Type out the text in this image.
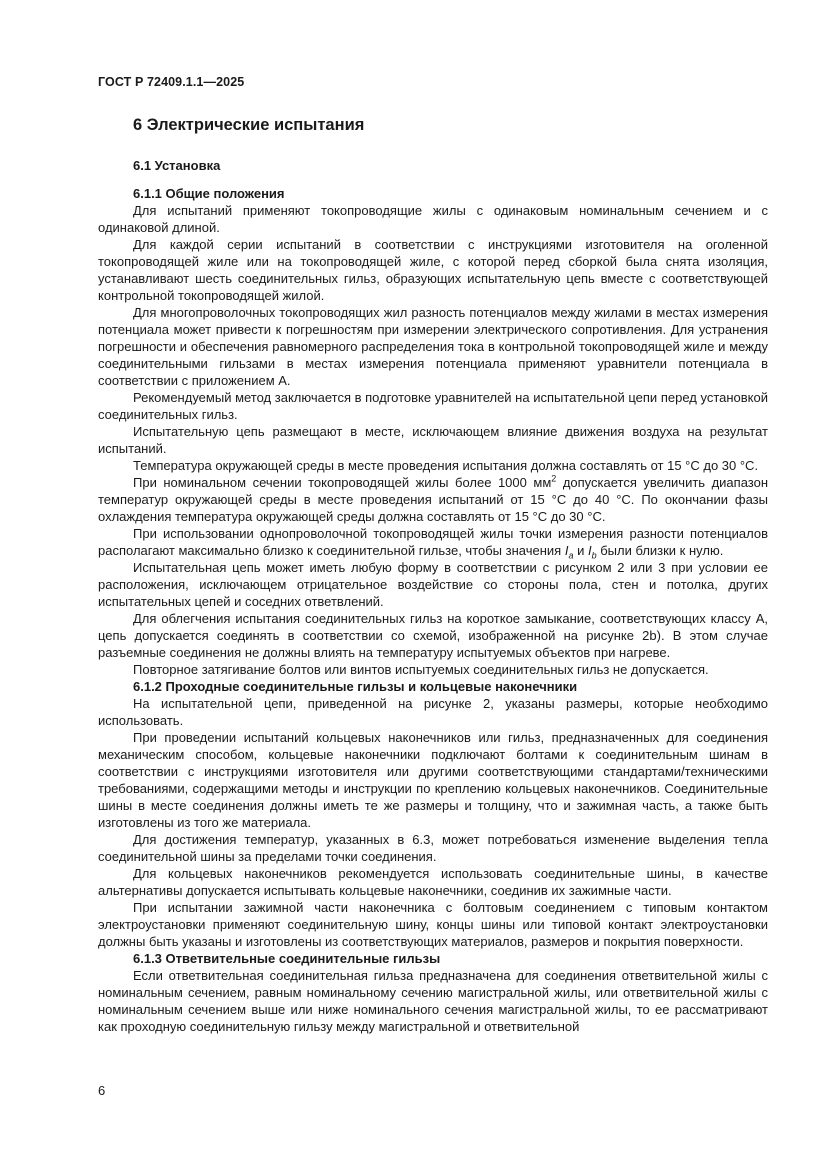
ГОСТ Р 72409.1.1—2025
6 Электрические испытания
6.1 Установка
6.1.1 Общие положения

Для испытаний применяют токопроводящие жилы с одинаковым номинальным сечением и с одинаковой длиной.

Для каждой серии испытаний в соответствии с инструкциями изготовителя на оголенной токопроводящей жиле или на токопроводящей жиле, с которой перед сборкой была снята изоляция, устанавливают шесть соединительных гильз, образующих испытательную цепь вместе с соответствующей контрольной токопроводящей жилой.

Для многопроволочных токопроводящих жил разность потенциалов между жилами в местах измерения потенциала может привести к погрешностям при измерении электрического сопротивления. Для устранения погрешности и обеспечения равномерного распределения тока в контрольной токопроводящей жиле и между соединительными гильзами в местах измерения потенциала применяют уравнители потенциала в соответствии с приложением А.

Рекомендуемый метод заключается в подготовке уравнителей на испытательной цепи перед установкой соединительных гильз.

Испытательную цепь размещают в месте, исключающем влияние движения воздуха на результат испытаний.

Температура окружающей среды в месте проведения испытания должна составлять от 15 °С до 30 °С.

При номинальном сечении токопроводящей жилы более 1000 $мм^2$ допускается увеличить диапазон температур окружающей среды в месте проведения испытаний от 15 °С до 40 °С. По окончании фазы охлаждения температура окружающей среды должна составлять от 15 °С до 30 °С.

При использовании однопроволочной токопроводящей жилы точки измерения разности потенциалов располагают максимально близко к соединительной гильзе, чтобы значения $I_a$ и $I_b$ были близки к нулю.

Испытательная цепь может иметь любую форму в соответствии с рисунком 2 или 3 при условии ее расположения, исключающем отрицательное воздействие со стороны пола, стен и потолка, других испытательных цепей и соседних ответвлений.

Для облегчения испытания соединительных гильз на короткое замыкание, соответствующих классу А, цепь допускается соединять в соответствии со схемой, изображенной на рисунке 2b). В этом случае разъемные соединения не должны влиять на температуру испытуемых объектов при нагреве.

Повторное затягивание болтов или винтов испытуемых соединительных гильз не допускается.

6.1.2 Проходные соединительные гильзы и кольцевые наконечники

На испытательной цепи, приведенной на рисунке 2, указаны размеры, которые необходимо использовать.

При проведении испытаний кольцевых наконечников или гильз, предназначенных для соединения механическим способом, кольцевые наконечники подключают болтами к соединительным шинам в соответствии с инструкциями изготовителя или другими соответствующими стандартами/техническими требованиями, содержащими методы и инструкции по креплению кольцевых наконечников. Соединительные шины в месте соединения должны иметь те же размеры и толщину, что и зажимная часть, а также быть изготовлены из того же материала.

Для достижения температур, указанных в 6.3, может потребоваться изменение выделения тепла соединительной шины за пределами точки соединения.

Для кольцевых наконечников рекомендуется использовать соединительные шины, в качестве альтернативы допускается испытывать кольцевые наконечники, соединив их зажимные части.

При испытании зажимной части наконечника с болтовым соединением с типовым контактом электроустановки применяют соединительную шину, концы шины или типовой контакт электроустановки должны быть указаны и изготовлены из соответствующих материалов, размеров и покрытия поверхности.

6.1.3 Ответвительные соединительные гильзы

Если ответвительная соединительная гильза предназначена для соединения ответвительной жилы с номинальным сечением, равным номинальному сечению магистральной жилы, или ответвительной жилы с номинальным сечением выше или ниже номинального сечения магистральной жилы, то ее рассматривают как проходную соединительную гильзу между магистральной и ответвительной

6
